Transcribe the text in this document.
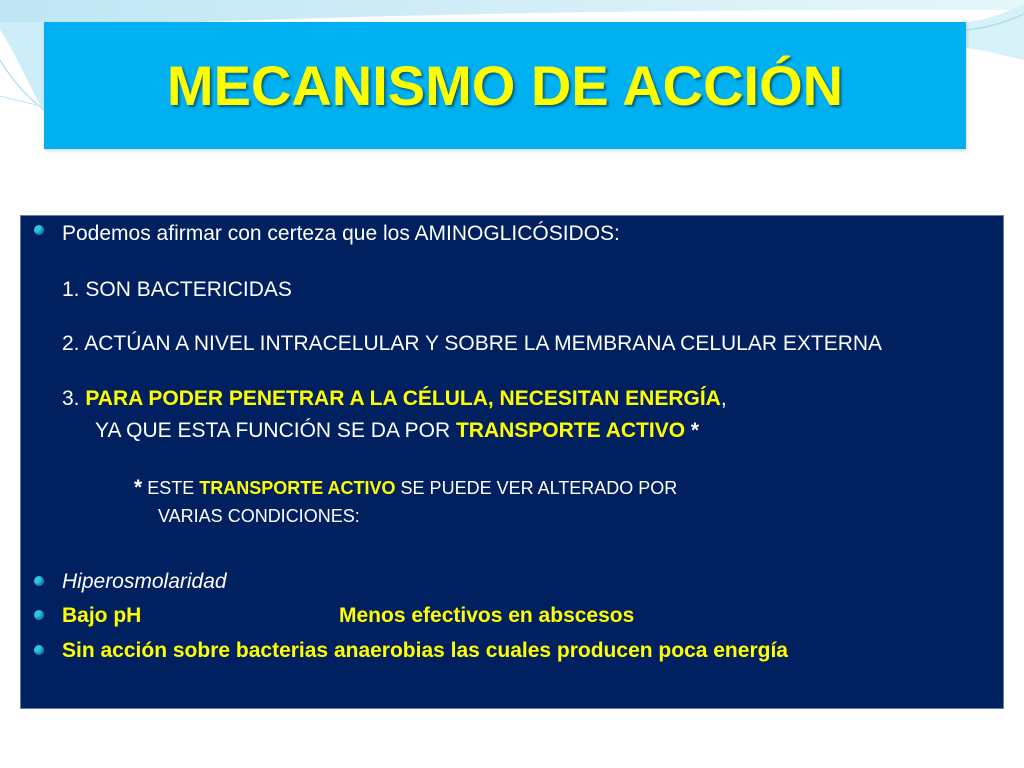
MECANISMO DE ACCIÓN
Podemos afirmar con certeza que los AMINOGLICÓSIDOS:
1. SON BACTERICIDAS
2. ACTÚAN A NIVEL INTRACELULAR Y SOBRE LA MEMBRANA CELULAR EXTERNA
3. PARA PODER PENETRAR A LA CÉLULA, NECESITAN ENERGÍA,
YA QUE ESTA FUNCIÓN SE DA POR TRANSPORTE ACTIVO *
* ESTE TRANSPORTE ACTIVO SE PUEDE VER ALTERADO POR
VARIAS CONDICIONES:
Hiperosmolaridad
Bajo pH	Menos efectivos en abscesos
Sin acción sobre bacterias anaerobias las cuales producen poca energía
